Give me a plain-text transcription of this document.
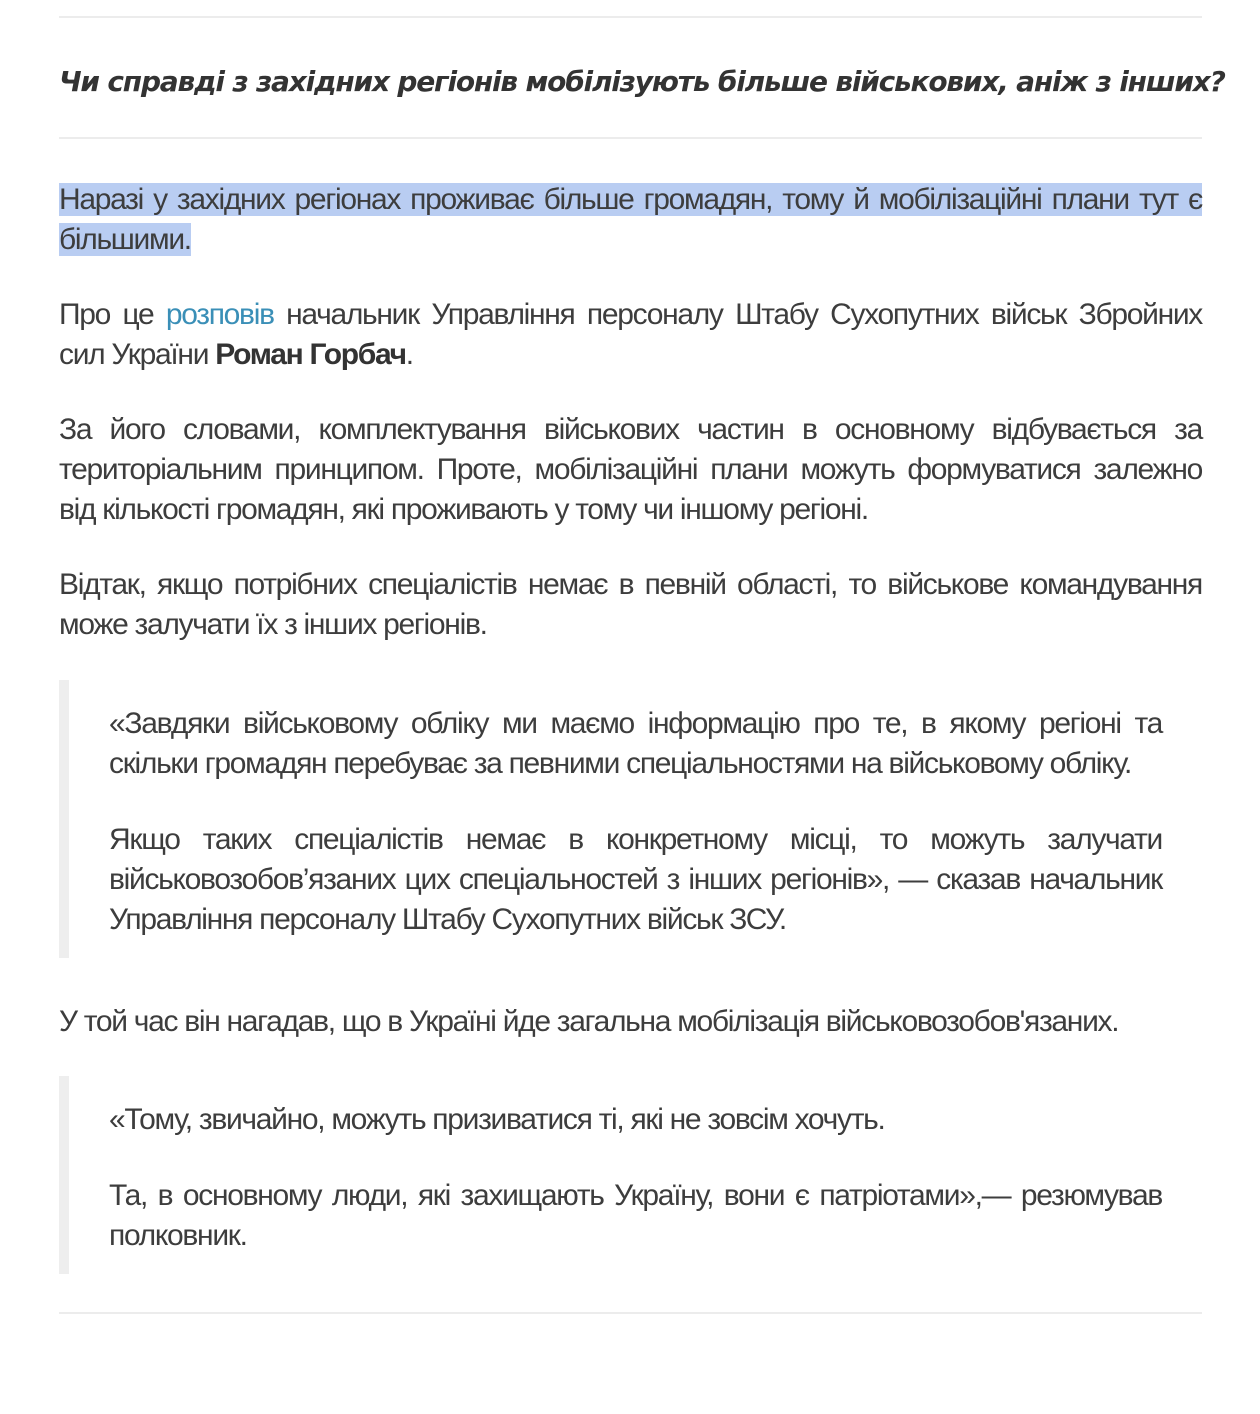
Чи справді з західних регіонів мобілізують більше військових, аніж з інших?

Наразі у західних регіонах проживає більше громадян, тому й мобілізаційні плани тут є більшими.

Про це розповів начальник Управління персоналу Штабу Сухопутних військ Збройних сил України Роман Горбач.

За його словами, комплектування військових частин в основному відбувається за територіальним принципом. Проте, мобілізаційні плани можуть формуватися залежно від кількості громадян, які проживають у тому чи іншому регіоні.

Відтак, якщо потрібних спеціалістів немає в певній області, то військове командування може залучати їх з інших регіонів.

«Завдяки військовому обліку ми маємо інформацію про те, в якому регіоні та скільки громадян перебуває за певними спеціальностями на військовому обліку.

Якщо таких спеціалістів немає в конкретному місці, то можуть залучати військовозобов’язаних цих спеціальностей з інших регіонів», — сказав начальник Управління персоналу Штабу Сухопутних військ ЗСУ.

У той час він нагадав, що в Україні йде загальна мобілізація військовозобов'язаних.

«Тому, звичайно, можуть призиватися ті, які не зовсім хочуть.

Та, в основному люди, які захищають Україну, вони є патріотами»,— резюмував полковник.
